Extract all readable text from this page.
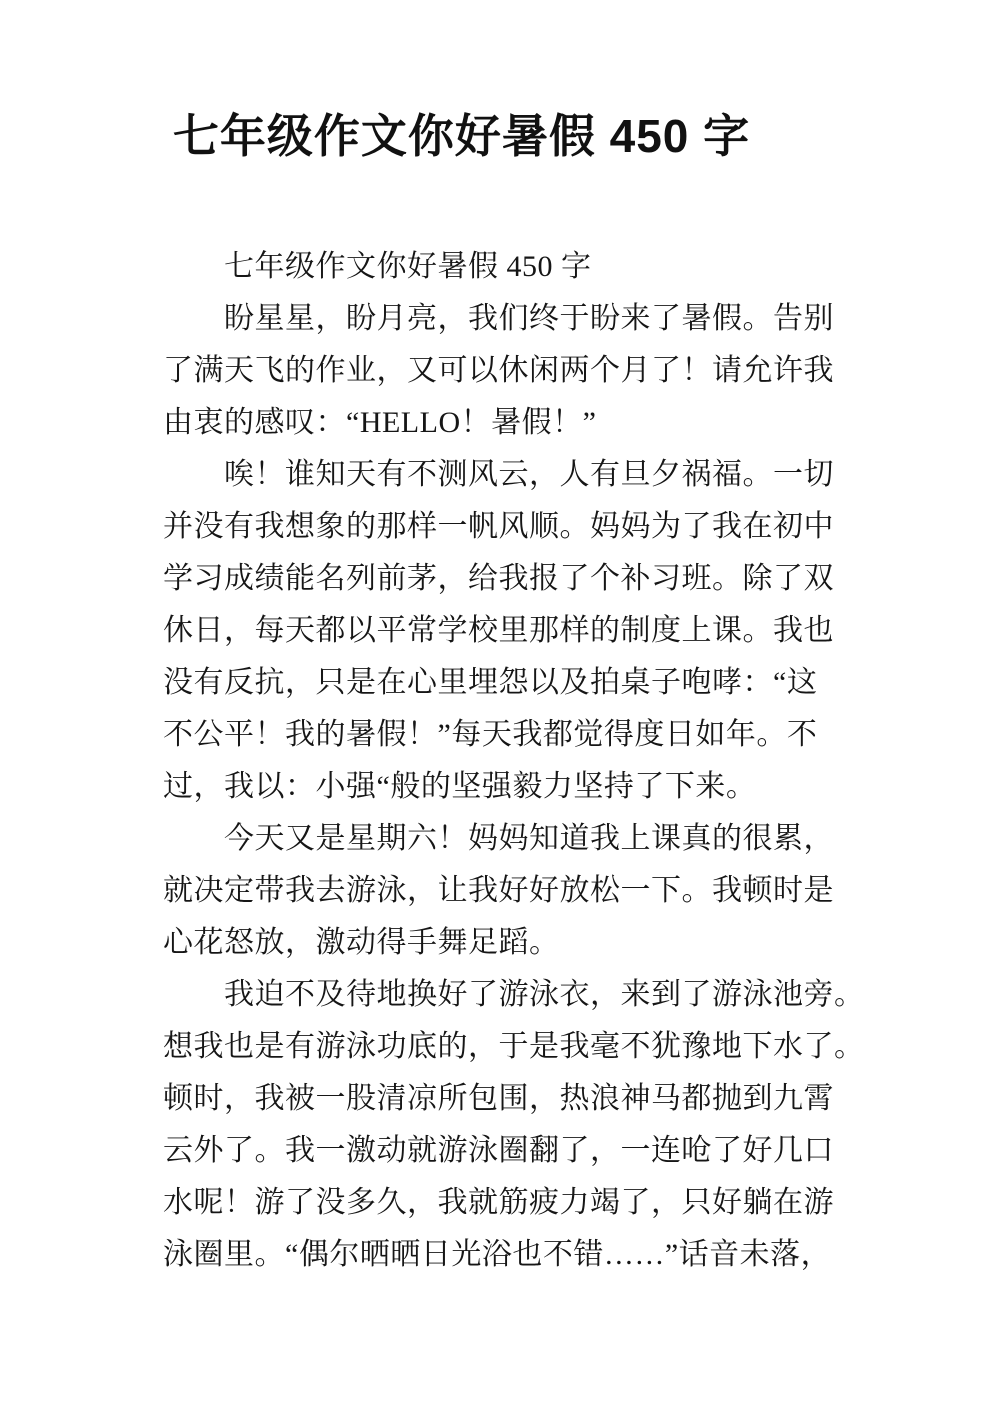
七年级作文你好暑假 450 字
　　七年级作文你好暑假 450 字
　　盼星星，盼月亮，我们终于盼来了暑假。告别
了满天飞的作业，又可以休闲两个月了！请允许我
由衷的感叹：“HELLO！暑假！”
　　唉！谁知天有不测风云，人有旦夕祸福。一切
并没有我想象的那样一帆风顺。妈妈为了我在初中
学习成绩能名列前茅，给我报了个补习班。除了双
休日，每天都以平常学校里那样的制度上课。我也
没有反抗，只是在心里埋怨以及拍桌子咆哮：“这
不公平！我的暑假！”每天我都觉得度日如年。不
过，我以：小强“般的坚强毅力坚持了下来。
　　今天又是星期六！妈妈知道我上课真的很累，
就决定带我去游泳，让我好好放松一下。我顿时是
心花怒放，激动得手舞足蹈。
　　我迫不及待地换好了游泳衣，来到了游泳池旁。
想我也是有游泳功底的，于是我毫不犹豫地下水了。
顿时，我被一股清凉所包围，热浪神马都抛到九霄
云外了。我一激动就游泳圈翻了，一连呛了好几口
水呢！游了没多久，我就筋疲力竭了，只好躺在游
泳圈里。“偶尔晒晒日光浴也不错……”话音未落，
